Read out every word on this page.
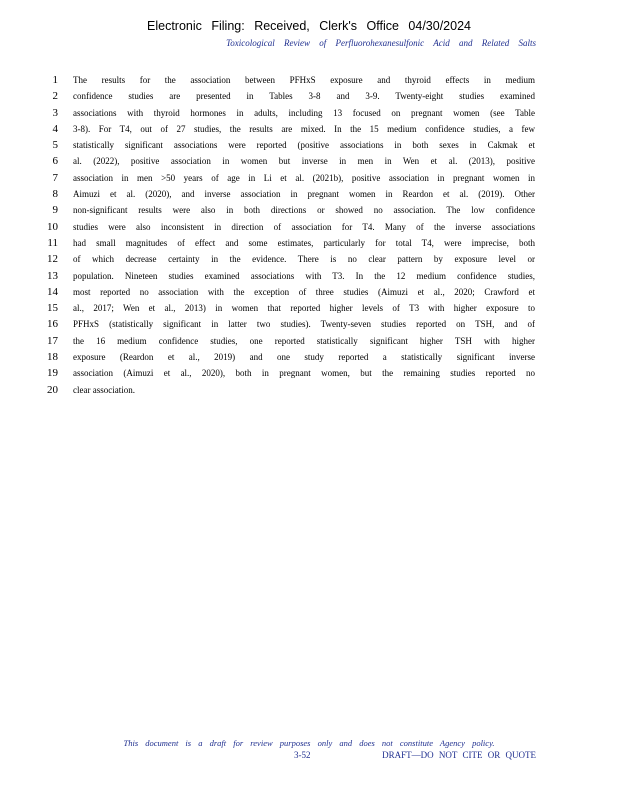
Electronic Filing: Received, Clerk's Office 04/30/2024
Toxicological Review of Perfluorohexanesulfonic Acid and Related Salts
1 The results for the association between PFHxS exposure and thyroid effects in medium
2 confidence studies are presented in Tables 3-8 and 3-9. Twenty-eight studies examined
3 associations with thyroid hormones in adults, including 13 focused on pregnant women (see Table
4 3-8). For T4, out of 27 studies, the results are mixed. In the 15 medium confidence studies, a few
5 statistically significant associations were reported (positive associations in both sexes in Cakmak et
6 al. (2022), positive association in women but inverse in men in Wen et al. (2013), positive
7 association in men >50 years of age in Li et al. (2021b), positive association in pregnant women in
8 Aimuzi et al. (2020), and inverse association in pregnant women in Reardon et al. (2019). Other
9 non-significant results were also in both directions or showed no association. The low confidence
10 studies were also inconsistent in direction of association for T4. Many of the inverse associations
11 had small magnitudes of effect and some estimates, particularly for total T4, were imprecise, both
12 of which decrease certainty in the evidence. There is no clear pattern by exposure level or
13 population. Nineteen studies examined associations with T3. In the 12 medium confidence studies,
14 most reported no association with the exception of three studies (Aimuzi et al., 2020; Crawford et
15 al., 2017; Wen et al., 2013) in women that reported higher levels of T3 with higher exposure to
16 PFHxS (statistically significant in latter two studies). Twenty-seven studies reported on TSH, and of
17 the 16 medium confidence studies, one reported statistically significant higher TSH with higher
18 exposure (Reardon et al., 2019) and one study reported a statistically significant inverse
19 association (Aimuzi et al., 2020), both in pregnant women, but the remaining studies reported no
20 clear association.
This document is a draft for review purposes only and does not constitute Agency policy.
3-52	DRAFT—DO NOT CITE OR QUOTE
